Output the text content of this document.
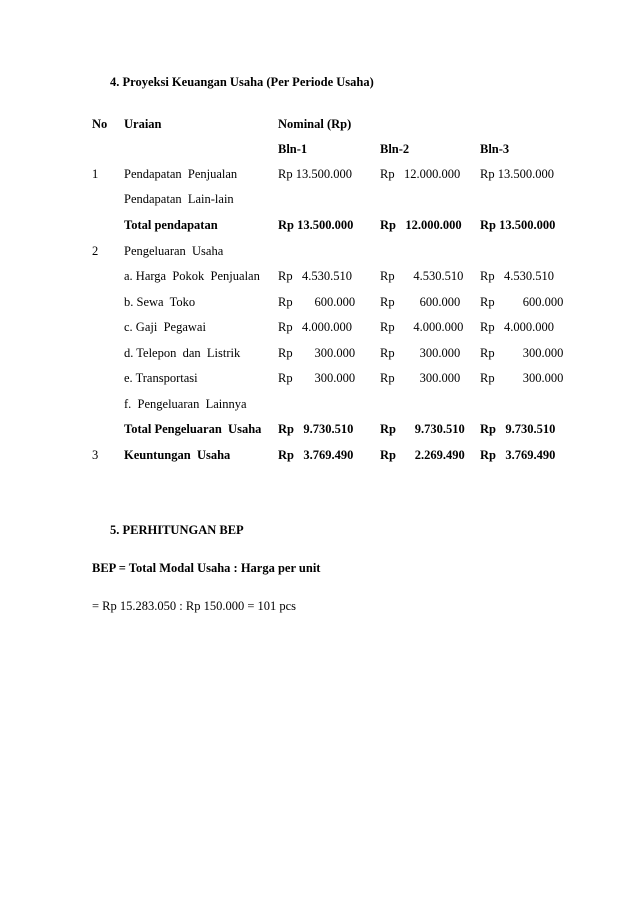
4. Proyeksi Keuangan Usaha (Per Periode Usaha)
No Uraian	Nominal (Rp)
Bln-1	Bln-2	Bln-3
1 Pendapatan  Penjualan	Rp 13.500.000 Rp   12.000.000 Rp 13.500.000
Pendapatan  Lain-lain
Total pendapatan	Rp 13.500.000 Rp   12.000.000 Rp 13.500.000
2 Pengeluaran  Usaha
a. Harga  Pokok  Penjualan Rp   4.530.510 Rp      4.530.510 Rp   4.530.510
b. Sewa  Toko	Rp       600.000 Rp        600.000 Rp         600.000
c. Gaji  Pegawai	Rp   4.000.000 Rp      4.000.000 Rp   4.000.000
d. Telepon  dan  Listrik	Rp       300.000 Rp        300.000 Rp         300.000
e. Transportasi	Rp       300.000 Rp        300.000 Rp         300.000
f.  Pengeluaran  Lainnya
Total Pengeluaran  Usaha Rp   9.730.510 Rp      9.730.510 Rp   9.730.510
3 Keuntungan  Usaha	Rp   3.769.490 Rp      2.269.490 Rp   3.769.490
5. PERHITUNGAN BEP
BEP = Total Modal Usaha : Harga per unit
= Rp 15.283.050 : Rp 150.000 = 101 pcs
